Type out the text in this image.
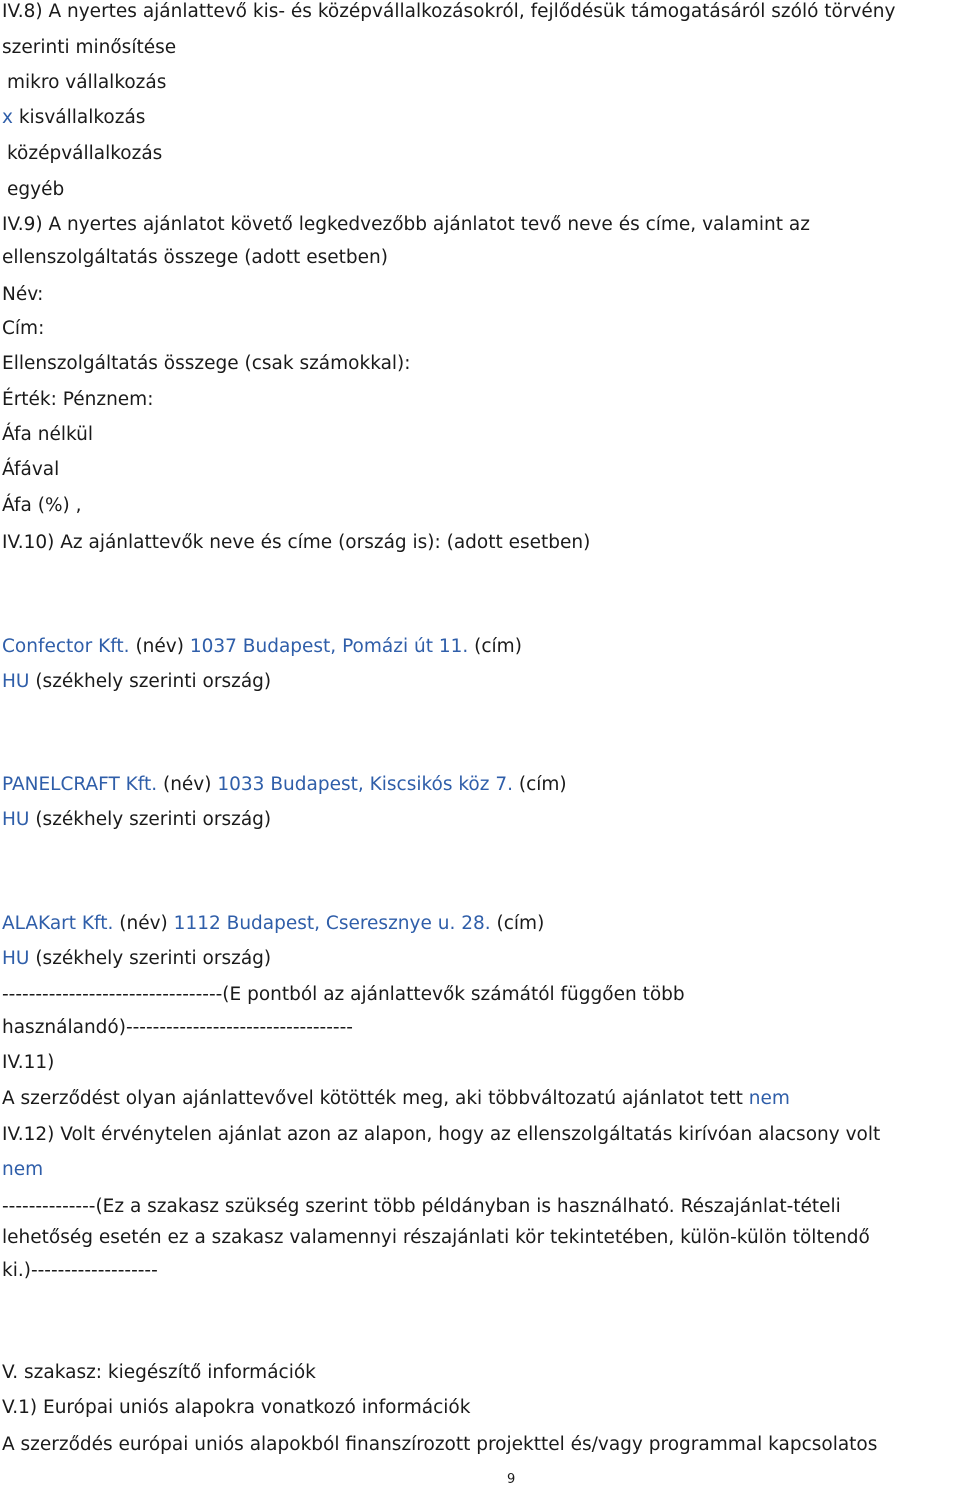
IV.8) A nyertes ajánlattevő kis- és középvállalkozásokról, fejlődésük támogatásáról szóló törvény
szerinti minősítése
mikro vállalkozás
x kisvállalkozás
középvállalkozás
egyéb
IV.9) A nyertes ajánlatot követő legkedvezőbb ajánlatot tevő neve és címe, valamint az
ellenszolgáltatás összege (adott esetben)
Név:
Cím:
Ellenszolgáltatás összege (csak számokkal):
Érték: Pénznem:
Áfa nélkül
Áfával
Áfa (%) ,
IV.10) Az ajánlattevők neve és címe (ország is): (adott esetben)
Confector Kft. (név) 1037 Budapest, Pomázi út 11. (cím)
HU (székhely szerinti ország)
PANELCRAFT Kft. (név) 1033 Budapest, Kiscsikós köz 7. (cím)
HU (székhely szerinti ország)
ALAKart Kft. (név) 1112 Budapest, Cseresznye u. 28. (cím)
HU (székhely szerinti ország)
---------------------------------(E pontból az ajánlattevők számától függően több
használandó)----------------------------------
IV.11)
A szerződést olyan ajánlattevővel kötötték meg, aki többváltozatú ajánlatot tett nem
IV.12) Volt érvénytelen ajánlat azon az alapon, hogy az ellenszolgáltatás kirívóan alacsony volt
nem
--------------(Ez a szakasz szükség szerint több példányban is használható. Részajánlat-tételi
lehetőség esetén ez a szakasz valamennyi részajánlati kör tekintetében, külön-külön töltendő
ki.)-------------------
V. szakasz: kiegészítő információk
V.1) Európai uniós alapokra vonatkozó információk
A szerződés európai uniós alapokból finanszírozott projekttel és/vagy programmal kapcsolatos
9
